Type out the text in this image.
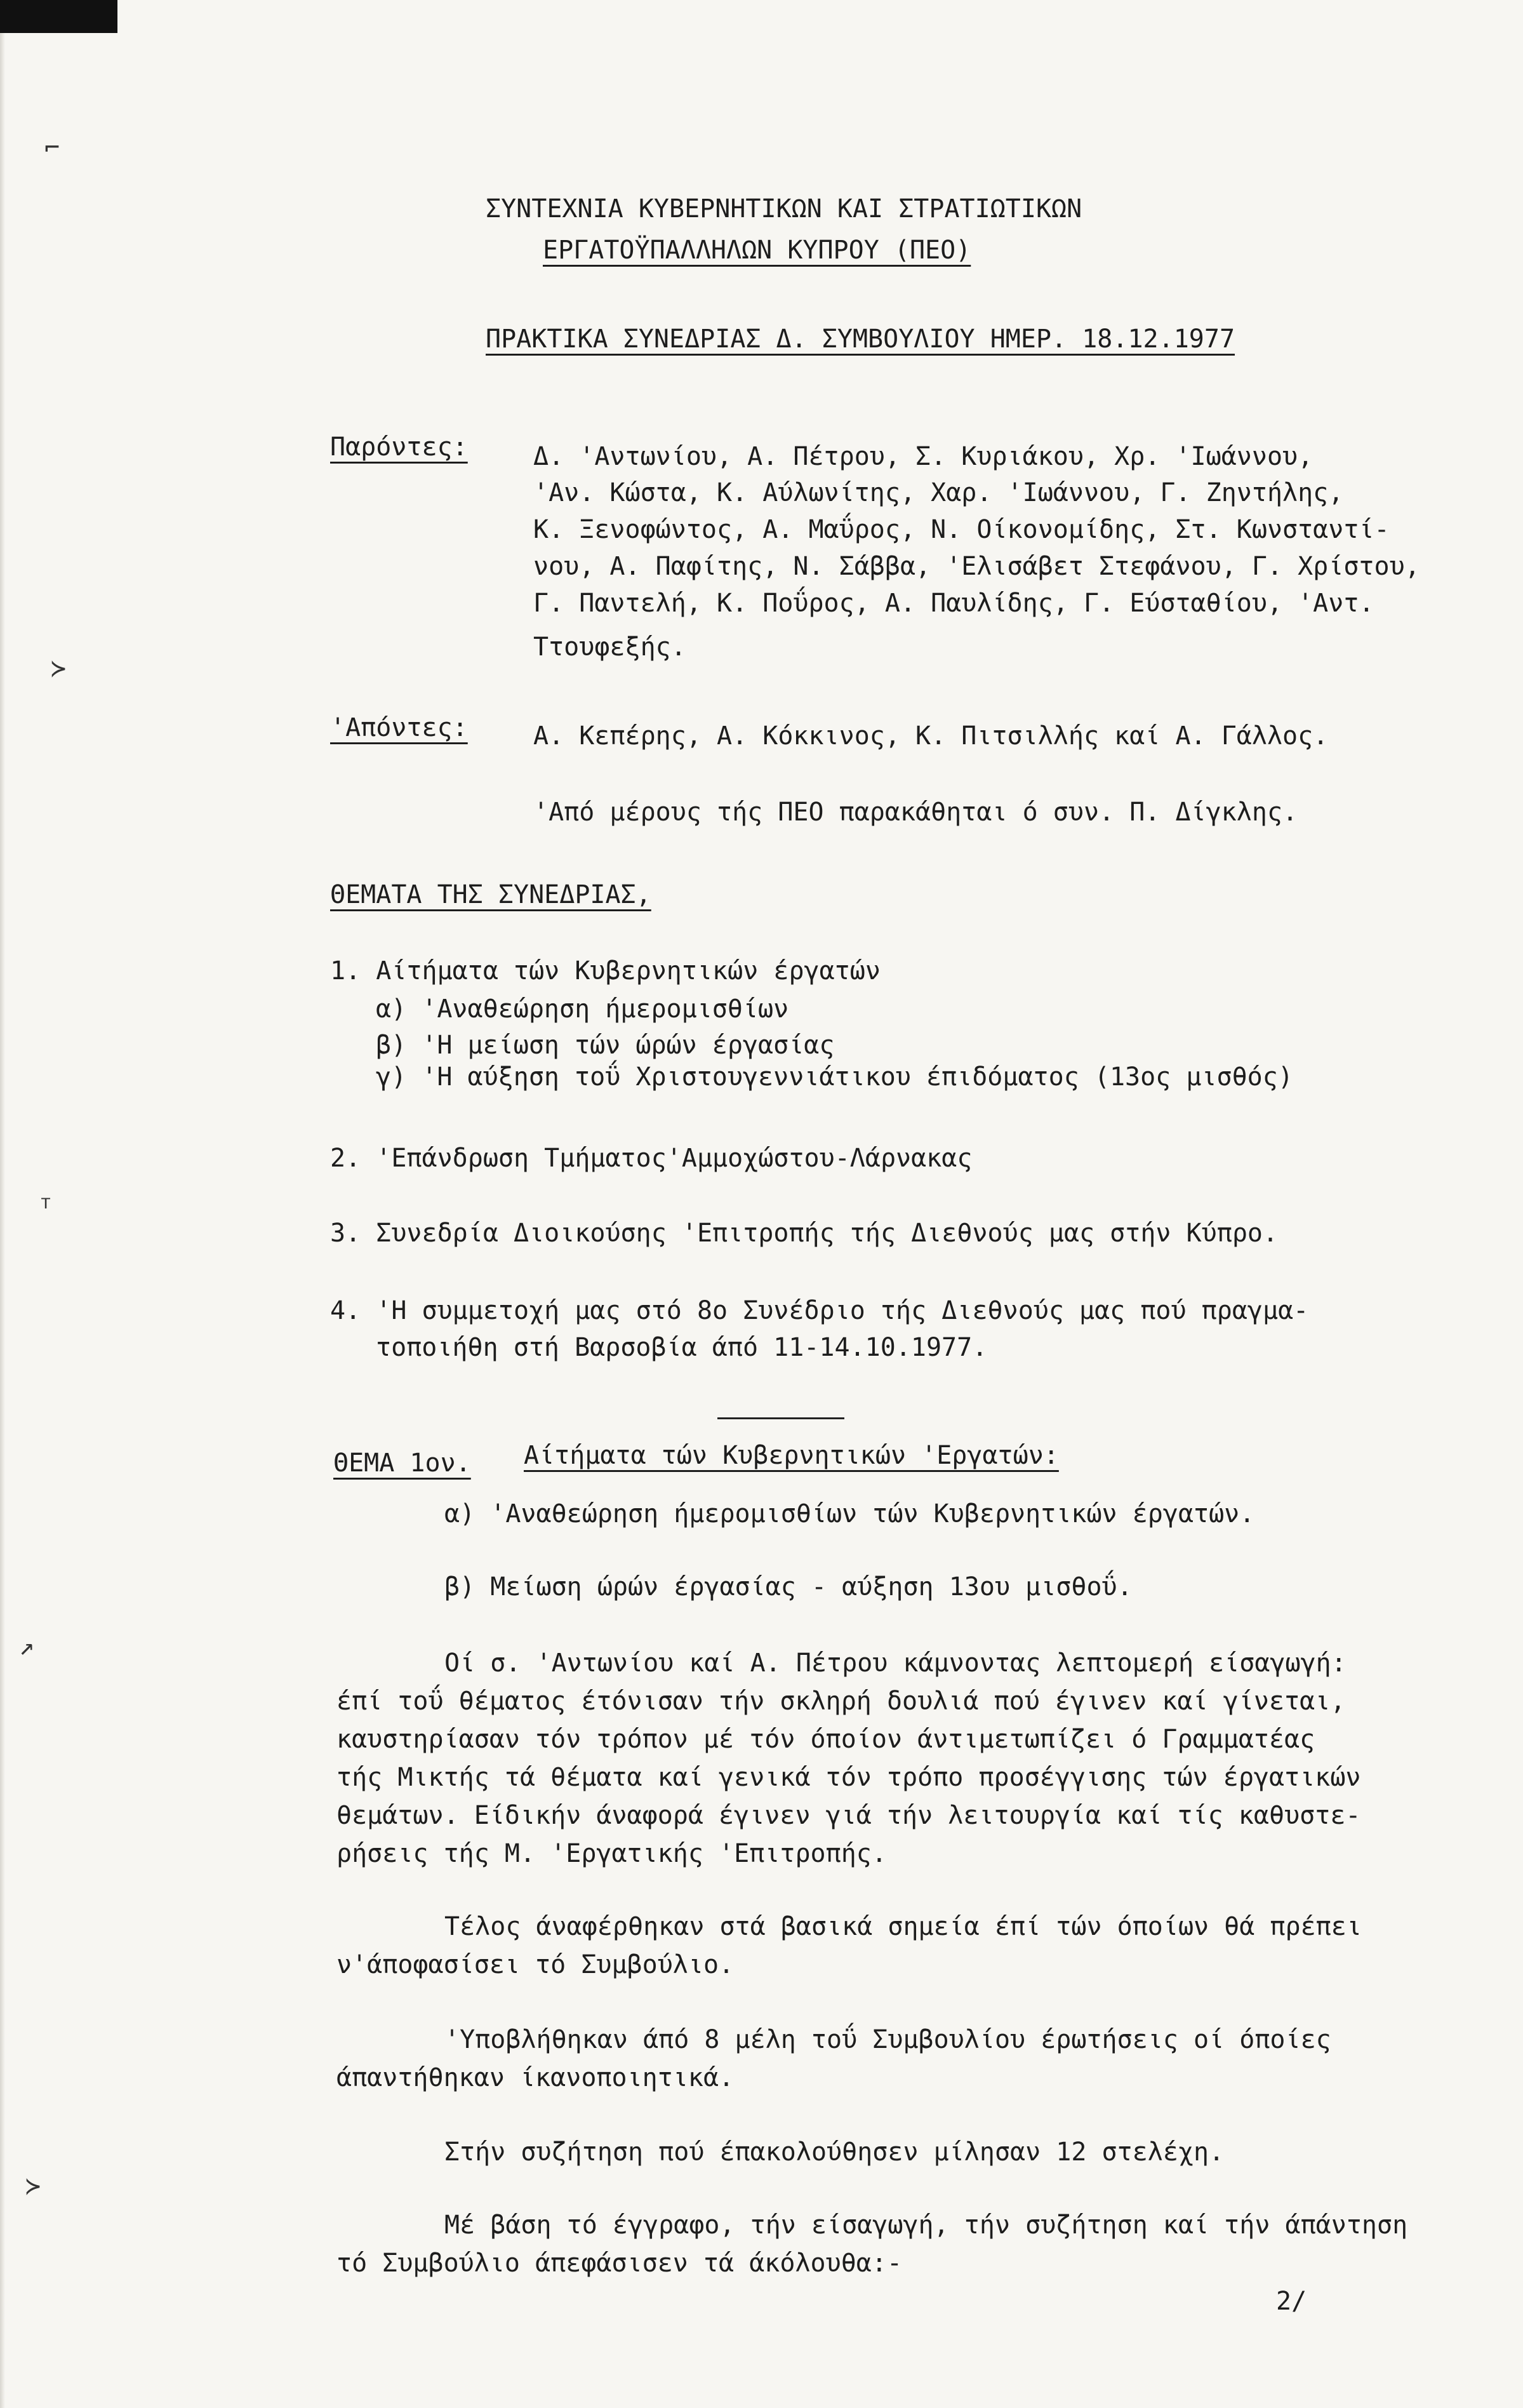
⌐
≻
ᵀ
↗
≻
ΣΥΝΤΕΧΝΙΑ ΚΥΒΕΡΝΗΤΙΚΩΝ ΚΑΙ ΣΤΡΑΤΙΩΤΙΚΩΝ
ΕΡΓΑΤΟΫΠΑΛΛΗΛΩΝ ΚΥΠΡΟΥ (ΠΕΟ)
ΠΡΑΚΤΙΚΑ ΣΥΝΕΔΡΙΑΣ Δ. ΣΥΜΒΟΥΛΙΟΥ ΗΜΕΡ. 18.12.1977
Παρόντες:	Δ. 'Αντωνίου, Α. Πέτρου, Σ. Κυριάκου, Χρ. 'Ιωάννου,
'Αν. Κώστα, Κ. Αύλωνίτης, Χαρ. 'Ιωάννου, Γ. Ζηντήλης,
Κ. Ξενοφώντος, Α. Μαΰρος, Ν. Οίκονομίδης, Στ. Κωνσταντί-
νου, Α. Παφίτης, Ν. Σάββα, 'Ελισάβετ Στεφάνου, Γ. Χρίστου,
Γ. Παντελή, Κ. Ποΰρος, Α. Παυλίδης, Γ. Εύσταθίου, 'Αντ.
Ττουφεξής.
'Απόντες:	Α. Κεπέρης, Α. Κόκκινος, Κ. Πιτσιλλής καί Α. Γάλλος.
'Από μέρους τής ΠΕΟ παρακάθηται ό συν. Π. Δίγκλης.
ΘΕΜΑΤΑ ΤΗΣ ΣΥΝΕΔΡΙΑΣ,
1. Αίτήματα τών Κυβερνητικών έργατών
α) 'Αναθεώρηση ήμερομισθίων
β) 'Η μείωση τών ώρών έργασίας
γ) 'Η αύξηση τοΰ Χριστουγεννιάτικου έπιδόματος (13ος μισθός)
2. 'Επάνδρωση Τμήματος'Αμμοχώστου-Λάρνακας
3. Συνεδρία Διοικούσης 'Επιτροπής τής Διεθνούς μας στήν Κύπρο.
4. 'Η συμμετοχή μας στό 8ο Συνέδριο τής Διεθνούς μας πού πραγμα-
τοποιήθη στή Βαρσοβία άπό 11-14.10.1977.
ΘΕΜΑ 1ον. Αίτήματα τών Κυβερνητικών 'Εργατών:
α) 'Αναθεώρηση ήμερομισθίων τών Κυβερνητικών έργατών.
β) Μείωση ώρών έργασίας - αύξηση 13ου μισθοΰ.
Οί σ. 'Αντωνίου καί Α. Πέτρου κάμνοντας λεπτομερή είσαγωγή:
έπί τοΰ θέματος έτόνισαν τήν σκληρή δουλιά πού έγινεν καί γίνεται,
καυστηρίασαν τόν τρόπον μέ τόν όποίον άντιμετωπίζει ό Γραμματέας
τής Μικτής τά θέματα καί γενικά τόν τρόπο προσέγγισης τών έργατικών
θεμάτων. Είδικήν άναφορά έγινεν γιά τήν λειτουργία καί τίς καθυστε-
ρήσεις τής Μ. 'Εργατικής 'Επιτροπής.
Τέλος άναφέρθηκαν στά βασικά σημεία έπί τών όποίων θά πρέπει
ν'άποφασίσει τό Συμβούλιο.
'Υποβλήθηκαν άπό 8 μέλη τοΰ Συμβουλίου έρωτήσεις οί όποίες
άπαντήθηκαν ίκανοποιητικά.
Στήν συζήτηση πού έπακολούθησεν μίλησαν 12 στελέχη.
Μέ βάση τό έγγραφο, τήν είσαγωγή, τήν συζήτηση καί τήν άπάντηση
τό Συμβούλιο άπεφάσισεν τά άκόλουθα:-
2/
